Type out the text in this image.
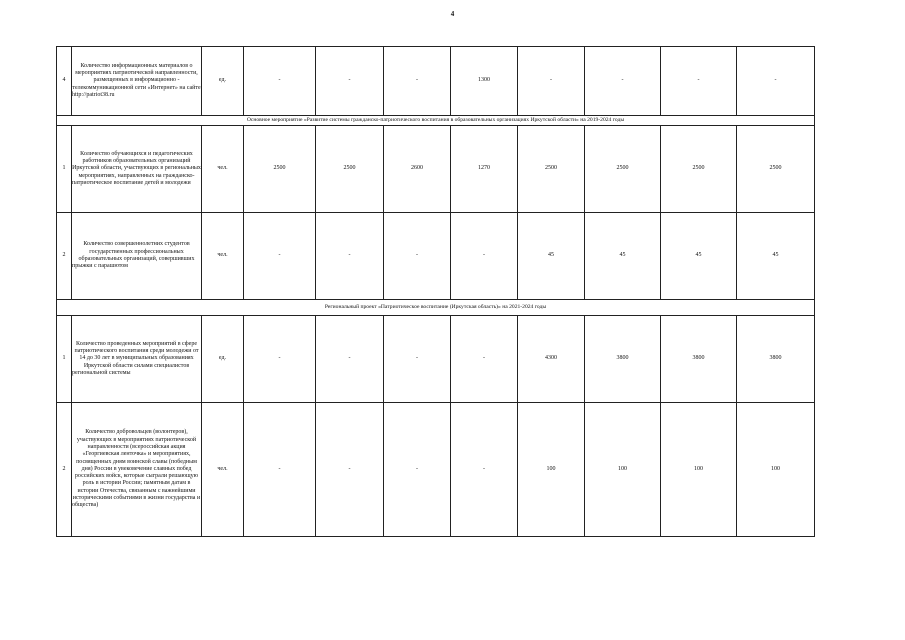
4
4	Количество информационных материалов о мероприятиях патриотической направленности, размещенных в информационно - телекоммуникационной сети «Интернет» на сайте http://patriot38.ru	ед.	-	-	-	1300	-	-	-	-
Основное мероприятие «Развитие системы гражданско-патриотического воспитания в образовательных организациях Иркутской области» на 2019-2024 годы										
1	Количество обучающихся и педагогических работников образовательных организаций Иркутской области, участвующих в региональных мероприятиях, направленных на гражданско-патриотическое воспитание детей и молодежи	чел.	2500	2500	2600	1270	2500	2500	2500	2500
2	Количество совершеннолетних студентов государственных профессиональных образовательных организаций, совершивших прыжки с парашютом	чел.	-	-	-	-	45	45	45	45
Региональный проект «Патриотическое воспитание (Иркутская область)» на 2021-2024 годы										
1	Количество проведенных мероприятий в сфере патриотического воспитания среди молодежи от 14 до 30 лет в муниципальных образованиях Иркутской области силами специалистов региональной системы	ед.	-	-	-	-	4300	3800	3800	3800
2	Количество добровольцев (волонтеров), участвующих в мероприятиях патриотической направленности (всероссийская акция «Георгиевская ленточка» и мероприятиях, посвященных дням воинской славы (победным дня) России в увековечение славных побед российских войск, которые сыграли решающую роль в истории России; памятным датам в истории Отечества, связанным с важнейшими историческими событиями в жизни государства и общества)	чел.	-	-	-	-	100	100	100	100
